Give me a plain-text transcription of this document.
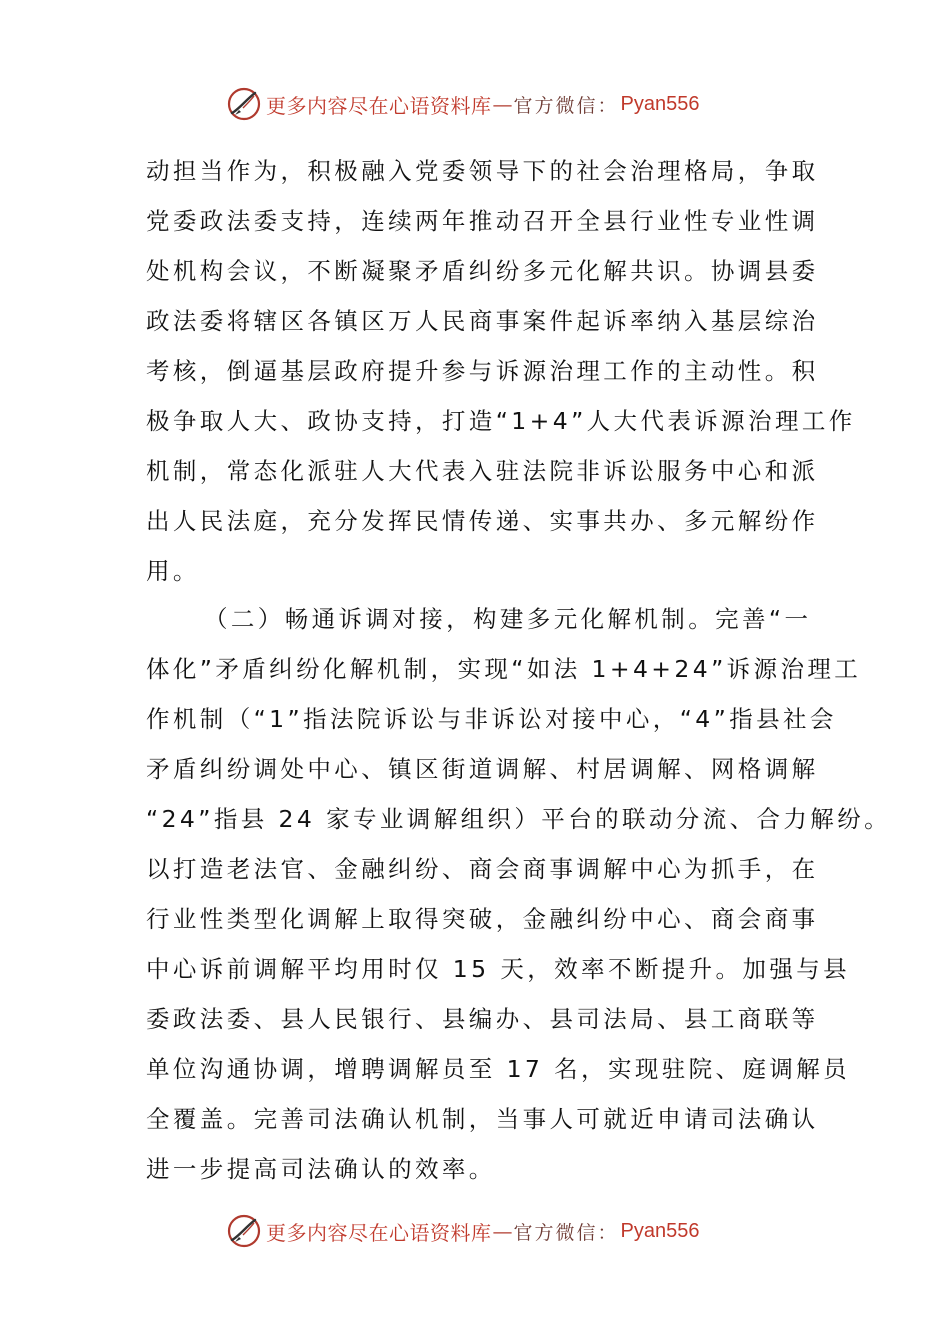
更多内容尽在心语资料库 — 官方微信： Pyan556
动担当作为，积极融入党委领导下的社会治理格局，争取
党委政法委支持，连续两年推动召开全县行业性专业性调
处机构会议，不断凝聚矛盾纠纷多元化解共识。协调县委
政法委将辖区各镇区万人民商事案件起诉率纳入基层综治
考核，倒逼基层政府提升参与诉源治理工作的主动性。积
极争取人大、政协支持，打造“1+4”人大代表诉源治理工作
机制，常态化派驻人大代表入驻法院非诉讼服务中心和派
出人民法庭，充分发挥民情传递、实事共办、多元解纷作
用。
（二）畅通诉调对接，构建多元化解机制。完善“一
体化”矛盾纠纷化解机制，实现“如法 1+4+24”诉源治理工
作机制（“1”指法院诉讼与非诉讼对接中心，“4”指县社会
矛盾纠纷调处中心、镇区街道调解、村居调解、网格调解
“24”指县 24 家专业调解组织）平台的联动分流、合力解纷。
以打造老法官、金融纠纷、商会商事调解中心为抓手，在
行业性类型化调解上取得突破，金融纠纷中心、商会商事
中心诉前调解平均用时仅 15 天，效率不断提升。加强与县
委政法委、县人民银行、县编办、县司法局、县工商联等
单位沟通协调，增聘调解员至 17 名，实现驻院、庭调解员
全覆盖。完善司法确认机制，当事人可就近申请司法确认
进一步提高司法确认的效率。
更多内容尽在心语资料库 — 官方微信： Pyan556
